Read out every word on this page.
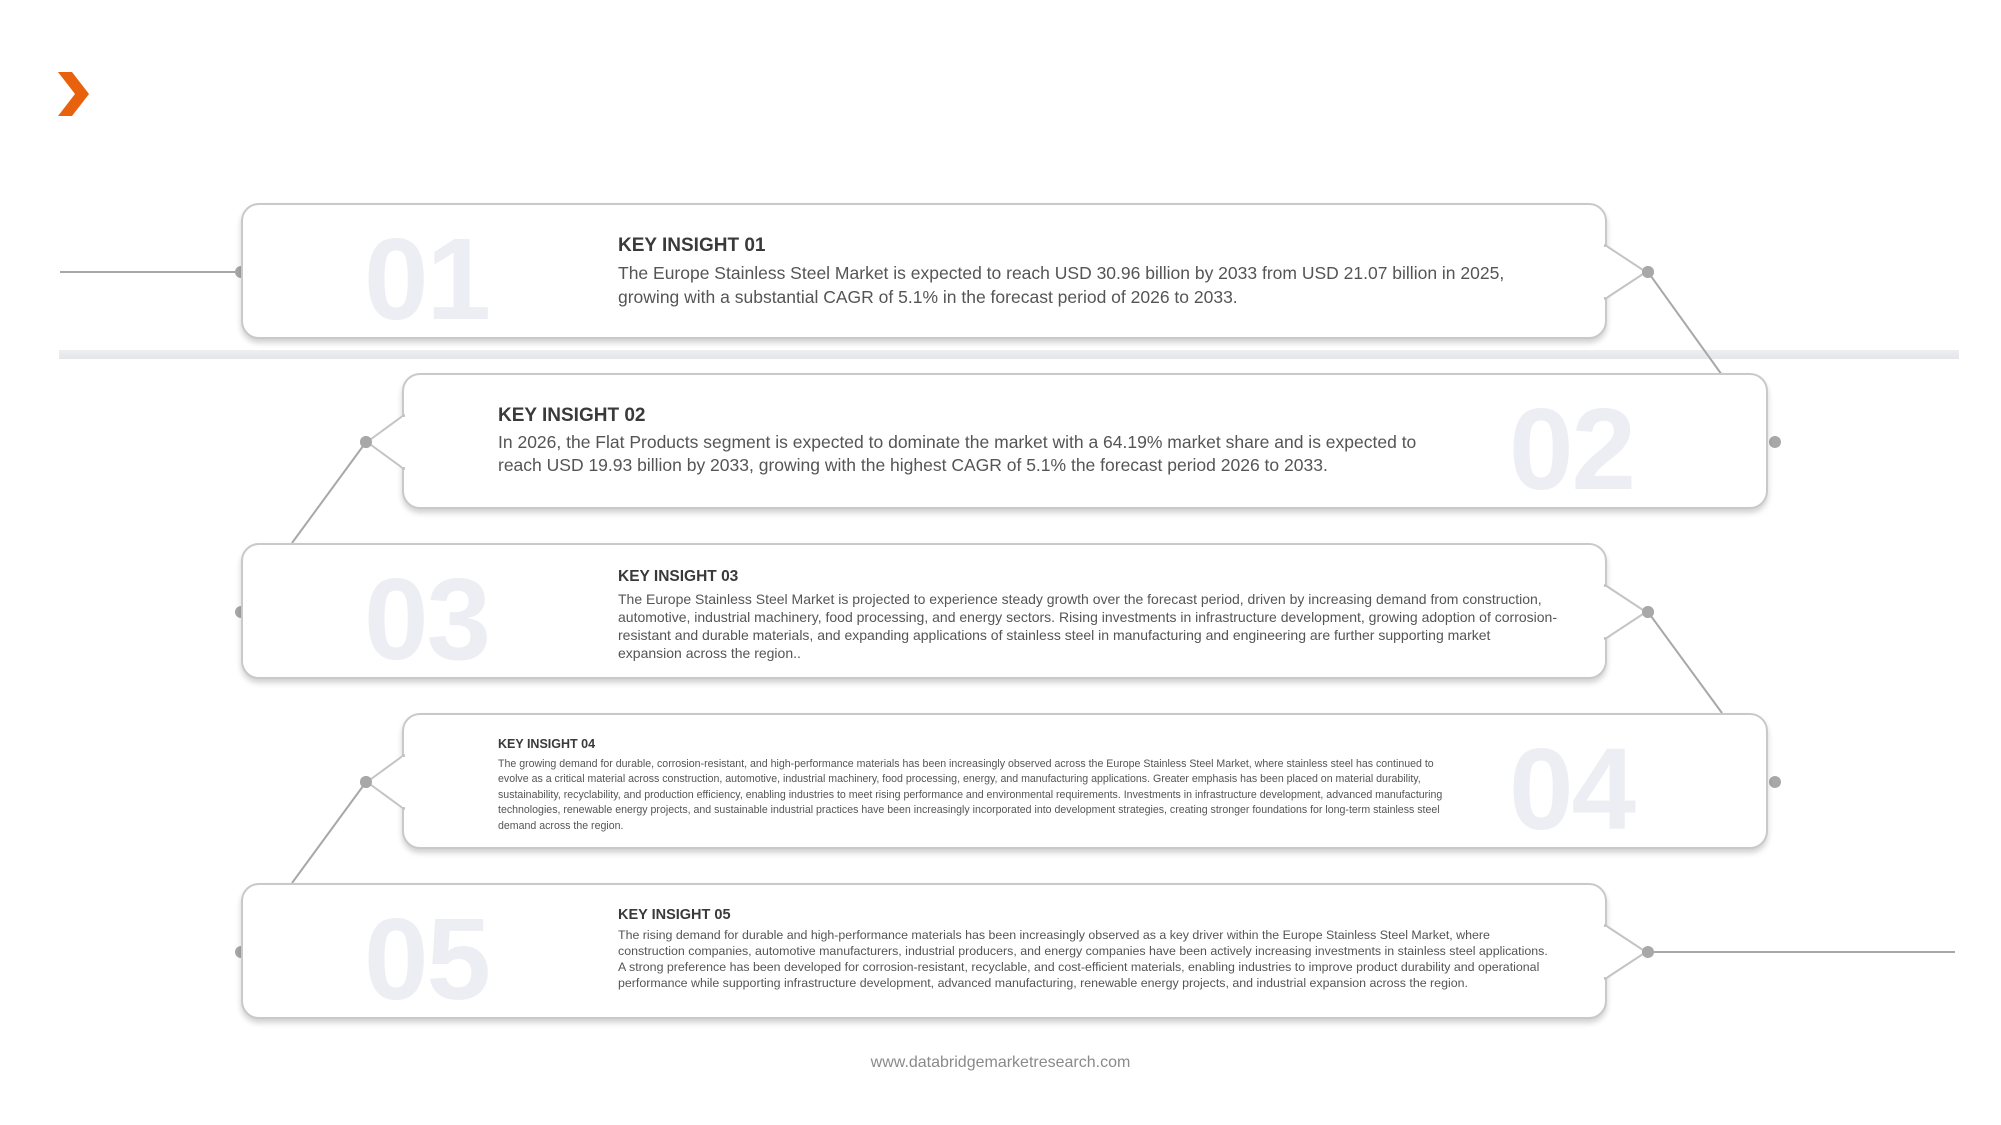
01	KEY INSIGHT 01

The Europe Stainless Steel Market is expected to reach USD 30.96 billion by 2033 from USD 21.07 billion in 2025, growing with a substantial CAGR of 5.1% in the forecast period of 2026 to 2033.

02

KEY INSIGHT 02

In 2026, the Flat Products segment is expected to dominate the market with a 64.19% market share and is expected to reach USD 19.93 billion by 2033, growing with the highest CAGR of 5.1% the forecast period 2026 to 2033.

03	KEY INSIGHT 03

The Europe Stainless Steel Market is projected to experience steady growth over the forecast period, driven by increasing demand from construction, automotive, industrial machinery, food processing, and energy sectors. Rising investments in infrastructure development, growing adoption of corrosion-resistant and durable materials, and expanding applications of stainless steel in manufacturing and engineering are further supporting market expansion across the region..

04

KEY INSIGHT 04

The growing demand for durable, corrosion-resistant, and high-performance materials has been increasingly observed across the Europe Stainless Steel Market, where stainless steel has continued to evolve as a critical material across construction, automotive, industrial machinery, food processing, energy, and manufacturing applications. Greater emphasis has been placed on material durability, sustainability, recyclability, and production efficiency, enabling industries to meet rising performance and environmental requirements. Investments in infrastructure development, advanced manufacturing technologies, renewable energy projects, and sustainable industrial practices have been increasingly incorporated into development strategies, creating stronger foundations for long-term stainless steel demand across the region.

05	KEY INSIGHT 05

The rising demand for durable and high-performance materials has been increasingly observed as a key driver within the Europe Stainless Steel Market, where construction companies, automotive manufacturers, industrial producers, and energy companies have been actively increasing investments in stainless steel applications. A strong preference has been developed for corrosion-resistant, recyclable, and cost-efficient materials, enabling industries to improve product durability and operational performance while supporting infrastructure development, advanced manufacturing, renewable energy projects, and industrial expansion across the region.

www.databridgemarketresearch.com
